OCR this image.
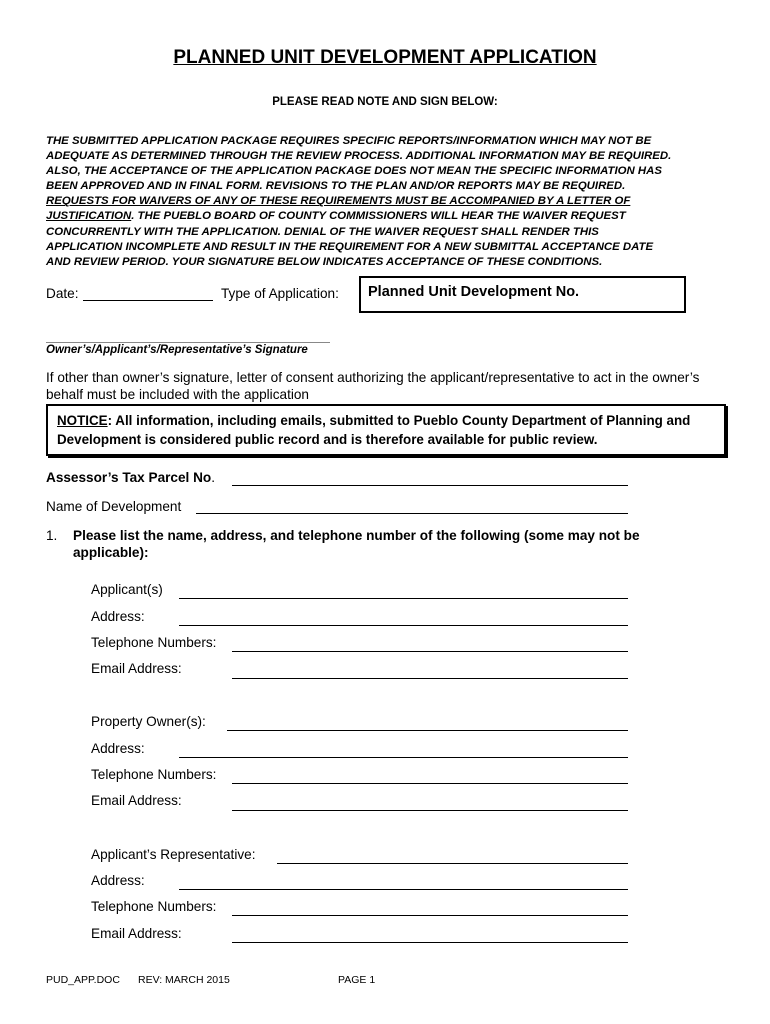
PLANNED UNIT DEVELOPMENT APPLICATION
PLEASE READ NOTE AND SIGN BELOW:
THE SUBMITTED APPLICATION PACKAGE REQUIRES SPECIFIC REPORTS/INFORMATION WHICH MAY NOT BE
ADEQUATE AS DETERMINED THROUGH THE REVIEW PROCESS. ADDITIONAL INFORMATION MAY BE REQUIRED.
ALSO, THE ACCEPTANCE OF THE APPLICATION PACKAGE DOES NOT MEAN THE SPECIFIC INFORMATION HAS
BEEN APPROVED AND IN FINAL FORM. REVISIONS TO THE PLAN AND/OR REPORTS MAY BE REQUIRED.
REQUESTS FOR WAIVERS OF ANY OF THESE REQUIREMENTS MUST BE ACCOMPANIED BY A LETTER OF
JUSTIFICATION. THE PUEBLO BOARD OF COUNTY COMMISSIONERS WILL HEAR THE WAIVER REQUEST
CONCURRENTLY WITH THE APPLICATION. DENIAL OF THE WAIVER REQUEST SHALL RENDER THIS
APPLICATION INCOMPLETE AND RESULT IN THE REQUIREMENT FOR A NEW SUBMITTAL ACCEPTANCE DATE
AND REVIEW PERIOD. YOUR SIGNATURE BELOW INDICATES ACCEPTANCE OF THESE CONDITIONS.
Date:	Type of Application:	Planned Unit Development No.
Owner’s/Applicant’s/Representative’s Signature
If other than owner’s signature, letter of consent authorizing the applicant/representative to act in the owner’s behalf must be included with the application
NOTICE: All information, including emails, submitted to Pueblo County Department of Planning and
Development is considered public record and is therefore available for public review.
Assessor’s Tax Parcel No.
Name of Development
1. Please list the name, address, and telephone number of the following (some may not be
applicable):
Applicant(s)
Address:
Telephone Numbers:
Email Address:
Property Owner(s):
Address:
Telephone Numbers:
Email Address:
Applicant’s Representative:
Address:
Telephone Numbers:
Email Address:
PUD_APP.DOC REV: MARCH 2015	PAGE 1
